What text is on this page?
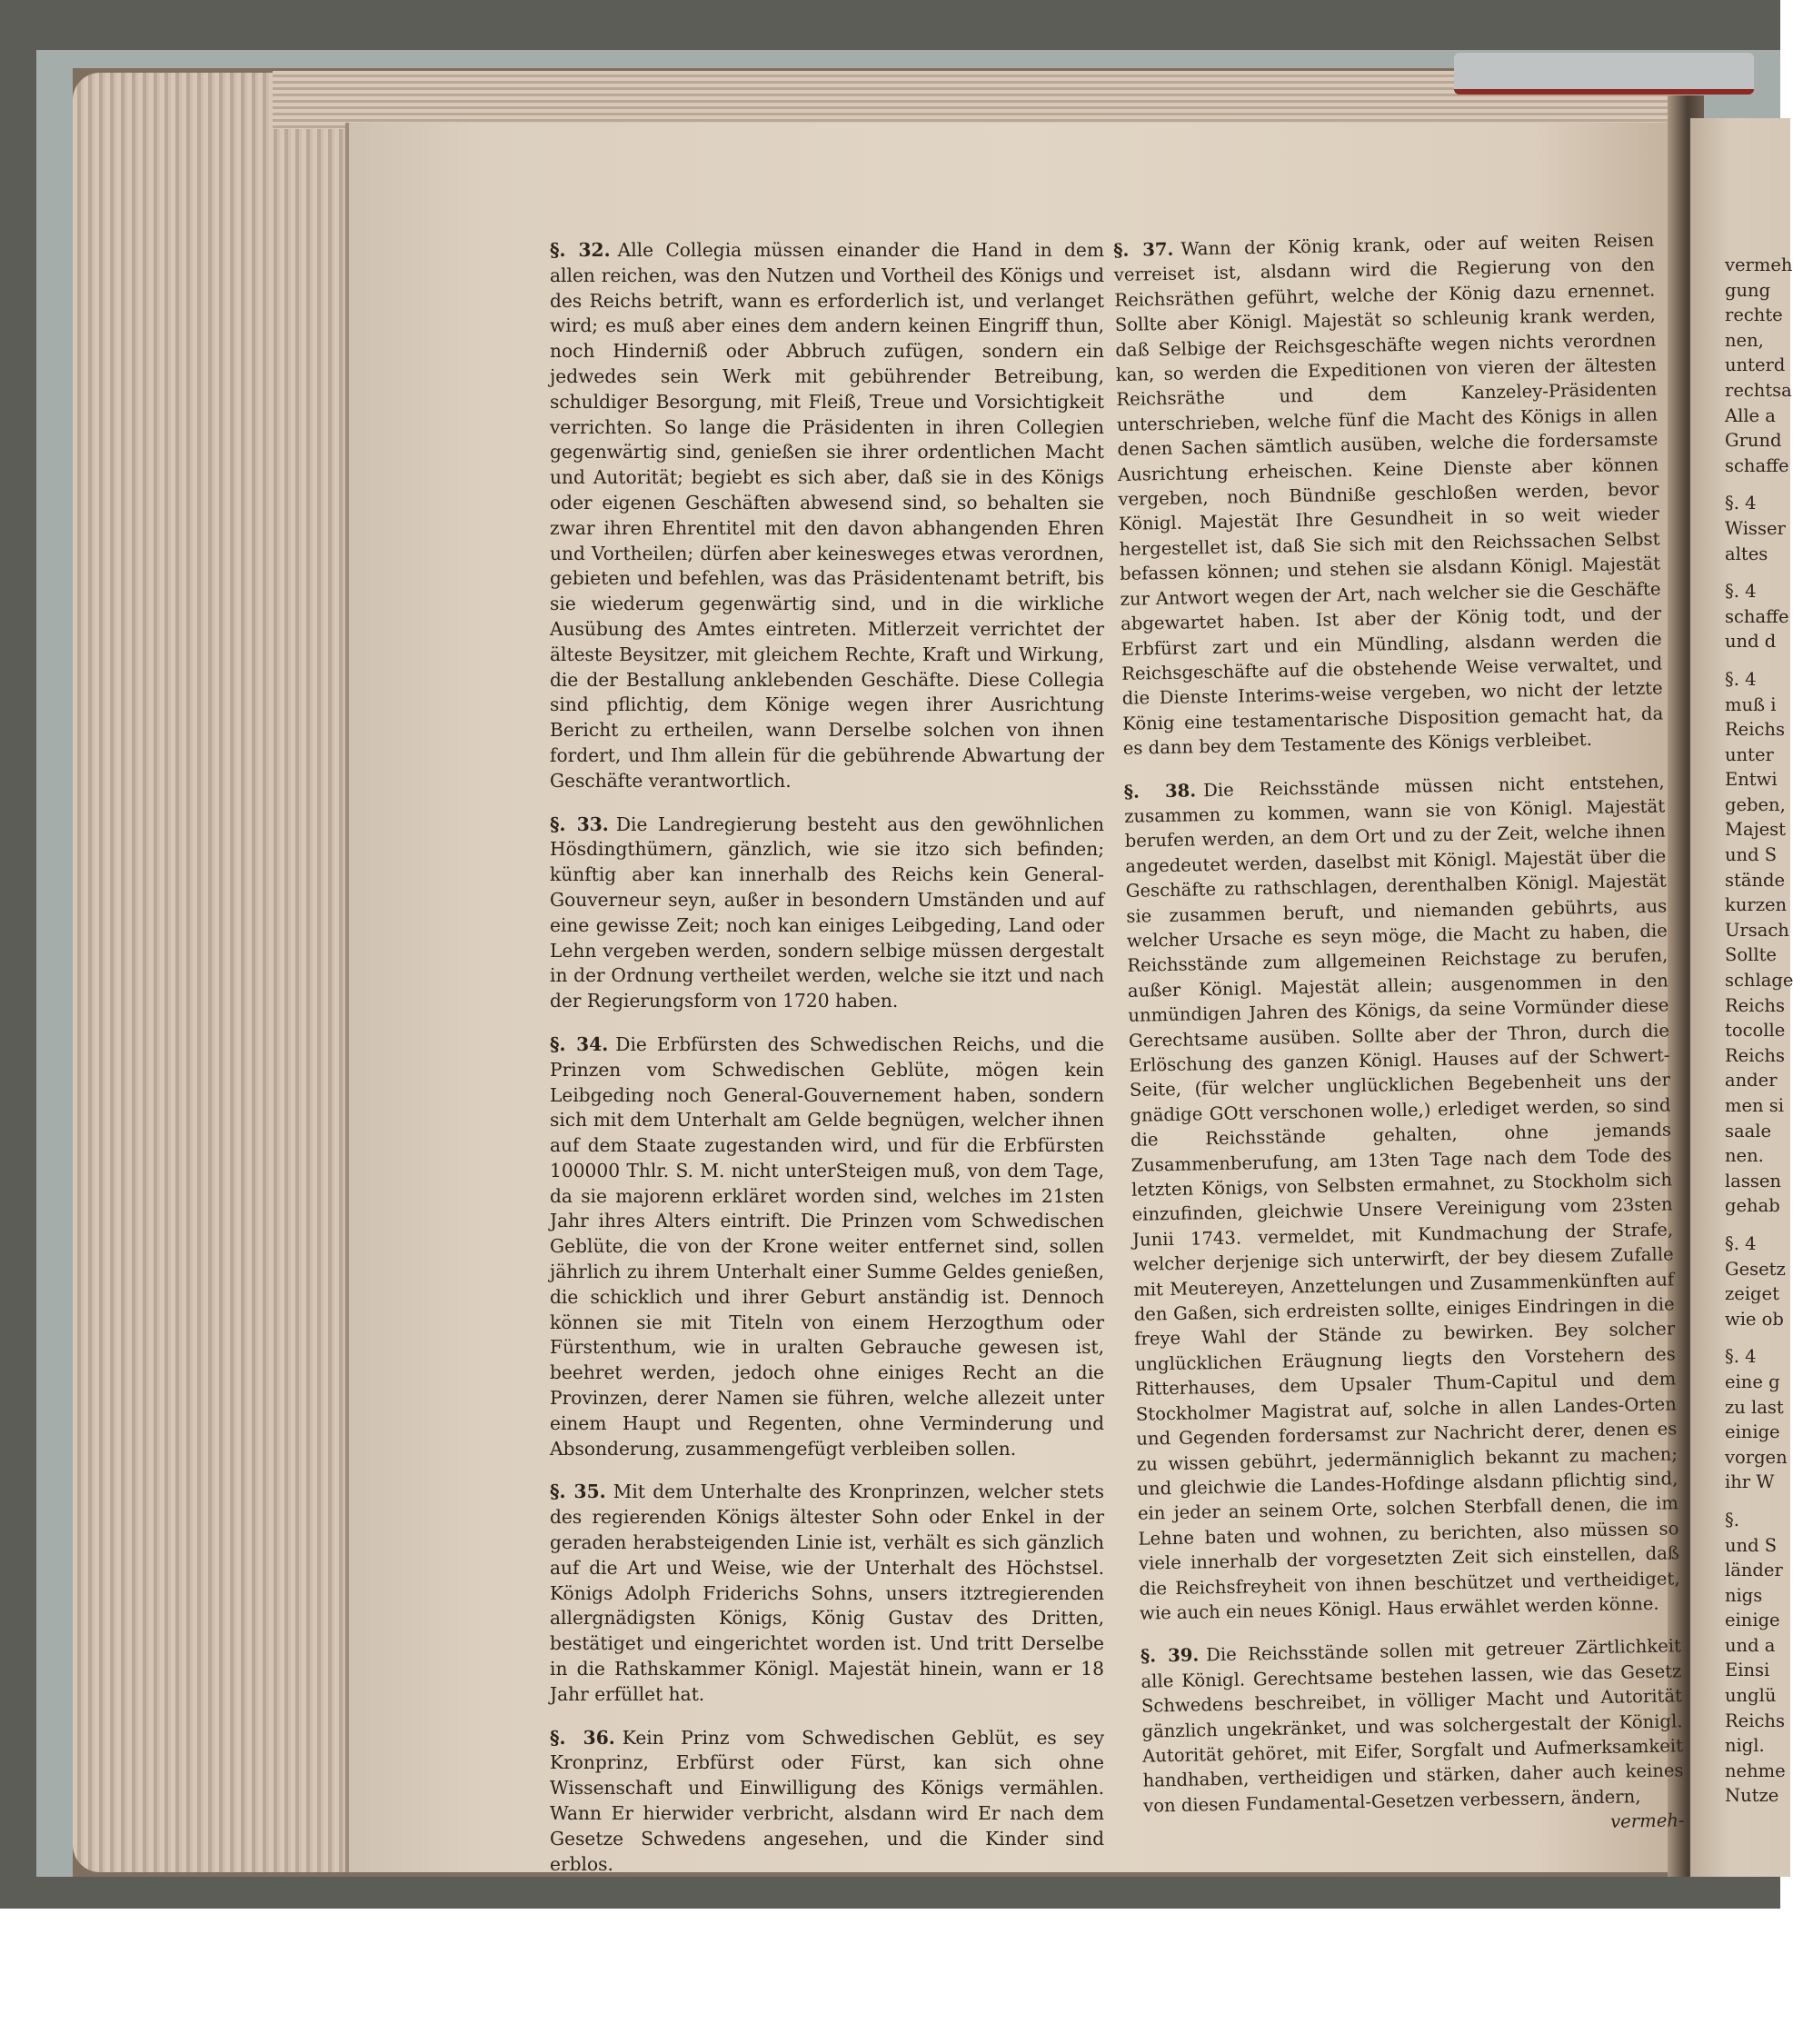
§. 32. Alle Collegia müssen einander die Hand in dem allen reichen, was den Nutzen und Vortheil des Königs und des Reichs betrift, wann es erforderlich ist, und verlanget wird; es muß aber eines dem andern keinen Eingriff thun, noch Hinderniß oder Abbruch zufügen, sondern ein jedwedes sein Werk mit gebührender Betreibung, schuldiger Besorgung, mit Fleiß, Treue und Vorsichtigkeit verrichten. So lange die Präsidenten in ihren Collegien gegenwärtig sind, genießen sie ihrer ordentlichen Macht und Autorität; begiebt es sich aber, daß sie in des Königs oder eigenen Geschäften abwesend sind, so behalten sie zwar ihren Ehrentitel mit den davon abhangenden Ehren und Vortheilen; dürfen aber keinesweges etwas verordnen, gebieten und befehlen, was das Präsidentenamt betrift, bis sie wiederum gegenwärtig sind, und in die wirkliche Ausübung des Amtes eintreten. Mitlerzeit verrichtet der älteste Beysitzer, mit gleichem Rechte, Kraft und Wirkung, die der Bestallung anklebenden Geschäfte. Diese Collegia sind pflichtig, dem Könige wegen ihrer Ausrichtung Bericht zu ertheilen, wann Derselbe solchen von ihnen fordert, und Ihm allein für die gebührende Abwartung der Geschäfte verantwortlich.

§. 33. Die Landregierung besteht aus den gewöhnlichen Hösdingthümern, gänzlich, wie sie itzo sich befinden; künftig aber kan innerhalb des Reichs kein General-Gouverneur seyn, außer in besondern Umständen und auf eine gewisse Zeit; noch kan einiges Leibgeding, Land oder Lehn vergeben werden, sondern selbige müssen dergestalt in der Ordnung vertheilet werden, welche sie itzt und nach der Regierungsform von 1720 haben.

§. 34. Die Erbfürsten des Schwedischen Reichs, und die Prinzen vom Schwedischen Geblüte, mögen kein Leibgeding noch General-Gouvernement haben, sondern sich mit dem Unterhalt am Gelde begnügen, welcher ihnen auf dem Staate zugestanden wird, und für die Erbfürsten 100000 Thlr. S. M. nicht unterSteigen muß, von dem Tage, da sie majorenn erkläret worden sind, welches im 21sten Jahr ihres Alters eintrift. Die Prinzen vom Schwedischen Geblüte, die von der Krone weiter entfernet sind, sollen jährlich zu ihrem Unterhalt einer Summe Geldes genießen, die schicklich und ihrer Geburt anständig ist. Dennoch können sie mit Titeln von einem Herzogthum oder Fürstenthum, wie in uralten Gebrauche gewesen ist, beehret werden, jedoch ohne einiges Recht an die Provinzen, derer Namen sie führen, welche allezeit unter einem Haupt und Regenten, ohne Verminderung und Absonderung, zusammengefügt verbleiben sollen.

§. 35. Mit dem Unterhalte des Kronprinzen, welcher stets des regierenden Königs ältester Sohn oder Enkel in der geraden herabsteigenden Linie ist, verhält es sich gänzlich auf die Art und Weise, wie der Unterhalt des Höchstsel. Königs Adolph Friderichs Sohns, unsers itztregierenden allergnädigsten Königs, König Gustav des Dritten, bestätiget und eingerichtet worden ist. Und tritt Derselbe in die Rathskammer Königl. Majestät hinein, wann er 18 Jahr erfüllet hat.

§. 36. Kein Prinz vom Schwedischen Geblüt, es sey Kronprinz, Erbfürst oder Fürst, kan sich ohne Wissenschaft und Einwilligung des Königs vermählen. Wann Er hierwider verbricht, alsdann wird Er nach dem Gesetze Schwedens angesehen, und die Kinder sind erblos.

§. 37. Wann der König krank, oder auf weiten Reisen verreiset ist, alsdann wird die Regierung von den Reichsräthen geführt, welche der König dazu ernennet. Sollte aber Königl. Majestät so schleunig krank werden, daß Selbige der Reichsgeschäfte wegen nichts verordnen kan, so werden die Expeditionen von vieren der ältesten Reichsräthe und dem Kanzeley-Präsidenten unterschrieben, welche fünf die Macht des Königs in allen denen Sachen sämtlich ausüben, welche die fordersamste Ausrichtung erheischen. Keine Dienste aber können vergeben, noch Bündniße geschloßen werden, bevor Königl. Majestät Ihre Gesundheit in so weit wieder hergestellet ist, daß Sie sich mit den Reichssachen Selbst befassen können; und stehen sie alsdann Königl. Majestät zur Antwort wegen der Art, nach welcher sie die Geschäfte abgewartet haben. Ist aber der König todt, und der Erbfürst zart und ein Mündling, alsdann werden die Reichsgeschäfte auf die obstehende Weise verwaltet, und die Dienste Interims-weise vergeben, wo nicht der letzte König eine testamentarische Disposition gemacht hat, da es dann bey dem Testamente des Königs verbleibet.

§. 38. Die Reichsstände müssen nicht entstehen, zusammen zu kommen, wann sie von Königl. Majestät berufen werden, an dem Ort und zu der Zeit, welche ihnen angedeutet werden, daselbst mit Königl. Majestät über die Geschäfte zu rathschlagen, derenthalben Königl. Majestät sie zusammen beruft, und niemanden gebührts, aus welcher Ursache es seyn möge, die Macht zu haben, die Reichsstände zum allgemeinen Reichstage zu berufen, außer Königl. Majestät allein; ausgenommen in den unmündigen Jahren des Königs, da seine Vormünder diese Gerechtsame ausüben. Sollte aber der Thron, durch die Erlöschung des ganzen Königl. Hauses auf der Schwert-Seite, (für welcher unglücklichen Begebenheit uns der gnädige GOtt verschonen wolle,) erlediget werden, so sind die Reichsstände gehalten, ohne jemands Zusammenberufung, am 13ten Tage nach dem Tode des letzten Königs, von Selbsten ermahnet, zu Stockholm sich einzufinden, gleichwie Unsere Vereinigung vom 23sten Junii 1743. vermeldet, mit Kundmachung der Strafe, welcher derjenige sich unterwirft, der bey diesem Zufalle mit Meutereyen, Anzettelungen und Zusammenkünften auf den Gaßen, sich erdreisten sollte, einiges Eindringen in die freye Wahl der Stände zu bewirken. Bey solcher unglücklichen Eräugnung liegts den Vorstehern des Ritterhauses, dem Upsaler Thum-Capitul und dem Stockholmer Magistrat auf, solche in allen Landes-Orten und Gegenden fordersamst zur Nachricht derer, denen es zu wissen gebührt, jedermänniglich bekannt zu machen; und gleichwie die Landes-Hofdinge alsdann pflichtig sind, ein jeder an seinem Orte, solchen Sterbfall denen, die im Lehne baten und wohnen, zu berichten, also müssen so viele innerhalb der vorgesetzten Zeit sich einstellen, daß die Reichsfreyheit von ihnen beschützet und vertheidiget, wie auch ein neues Königl. Haus erwählet werden könne.

§. 39. Die Reichsstände sollen mit getreuer Zärtlichkeit alle Königl. Gerechtsame bestehen lassen, wie das Gesetz Schwedens beschreibet, in völliger Macht und Autorität gänzlich ungekränket, und was solchergestalt der Königl. Autorität gehöret, mit Eifer, Sorgfalt und Aufmerksamkeit handhaben, vertheidigen und stärken, daher auch keines von diesen Fundamental-Gesetzen verbessern, ändern,

vermeh-
vermeh
gung
rechte
nen,
unterd
rechtsa
Alle a
Grund
schaffe
§. 4
Wisser
altes
§. 4
schaffe
und d
§. 4
muß i
Reichs
unter
Entwi
geben,
Majest
und S
stände
kurzen
Ursach
Sollte
schlage
Reichs
tocolle
Reichs
ander
men si
saale
nen.
lassen
gehab
§. 4
Gesetz
zeiget
wie ob
§. 4
eine g
zu last
einige
vorgen
ihr W
§.
und S
länder
nigs
einige
und a
Einsi
unglü
Reichs
nigl.
nehme
Nutze
